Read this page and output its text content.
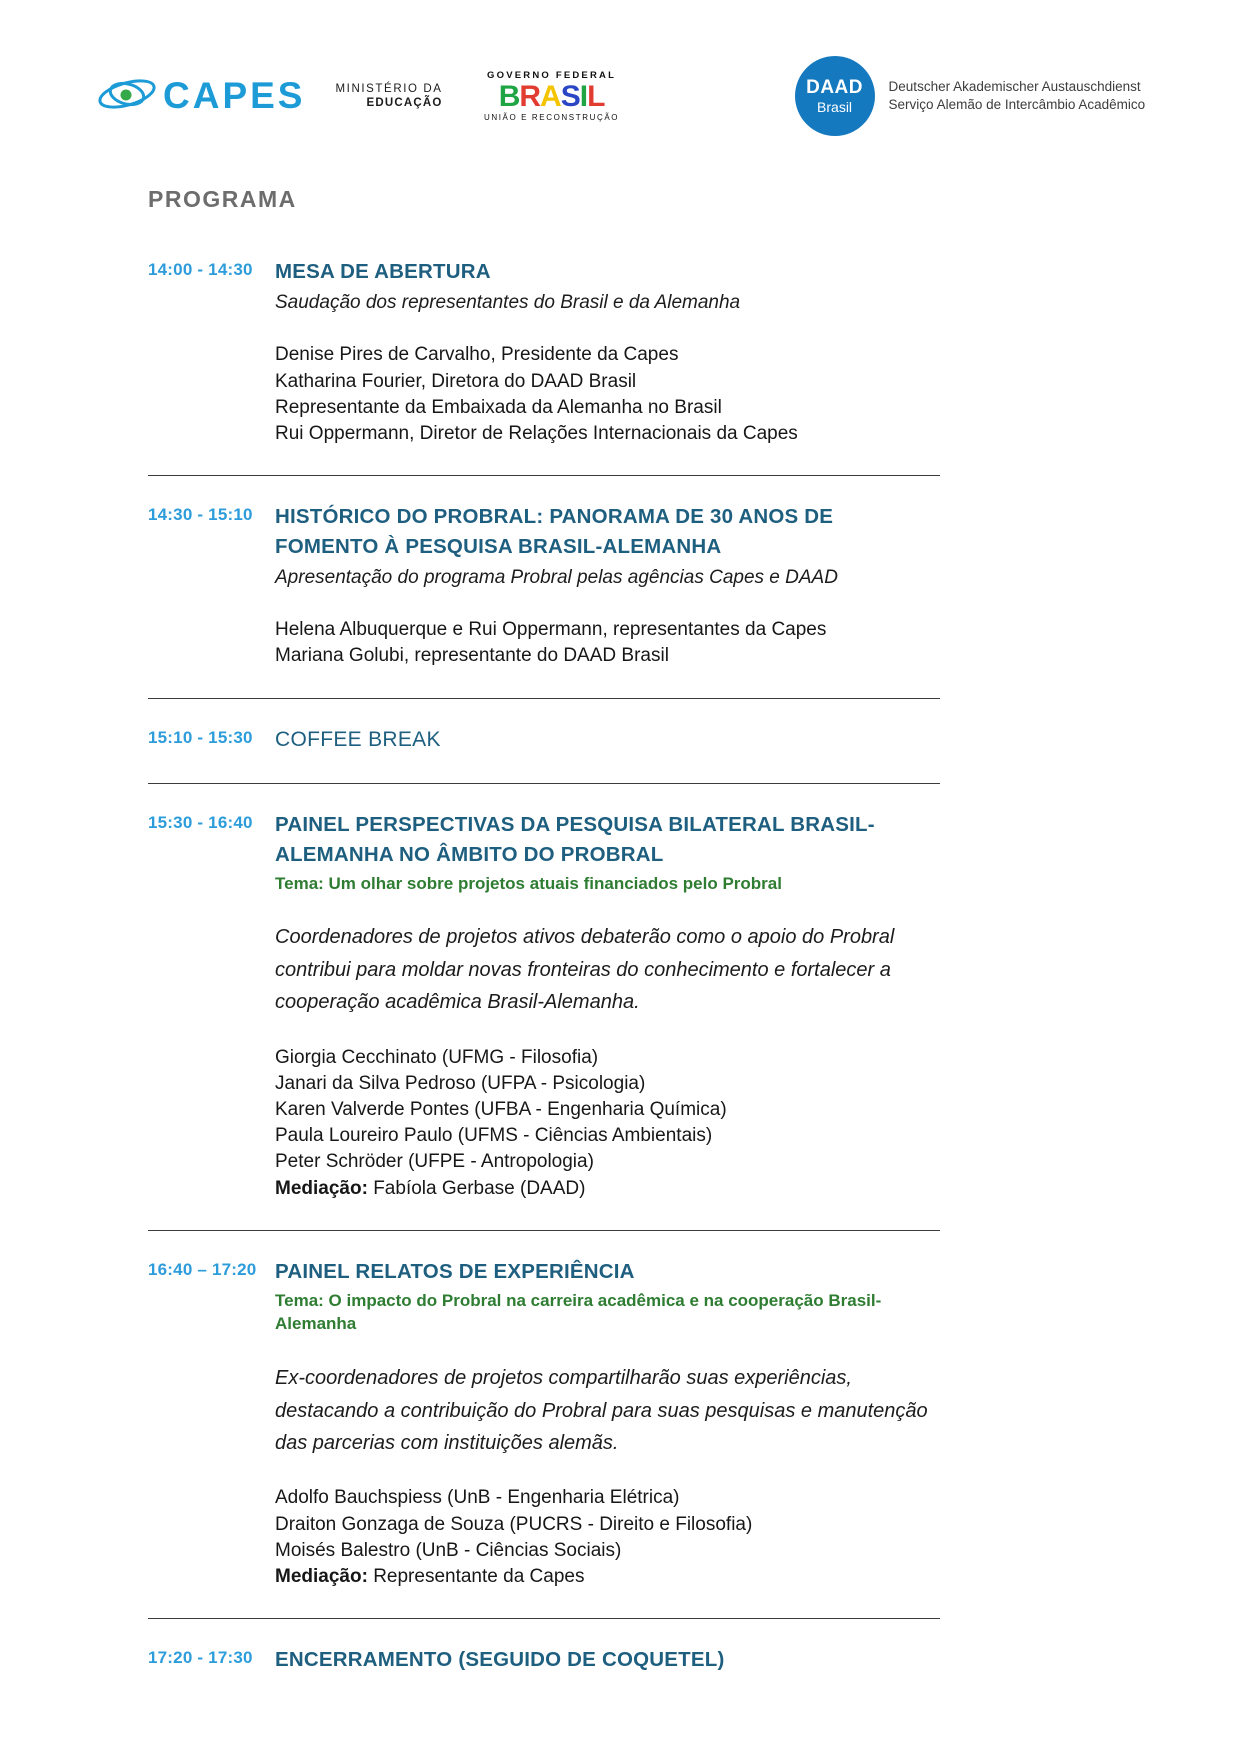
CAPES	MINISTÉRIO DA
EDUCAÇÃO
GOVERNO FEDERAL
BRASIL
UNIÃO E RECONSTRUÇÃO
DAAD
Brasil
Deutscher Akademischer Austauschdienst
Serviço Alemão de Intercâmbio Acadêmico
PROGRAMA
14:00 - 14:30	MESA DE ABERTURA
Saudação dos representantes do Brasil e da Alemanha
Denise Pires de Carvalho, Presidente da Capes
Katharina Fourier, Diretora do DAAD Brasil
Representante da Embaixada da Alemanha no Brasil
Rui Oppermann, Diretor de Relações Internacionais da Capes
14:30 - 15:10	HISTÓRICO DO PROBRAL: PANORAMA DE 30 ANOS DE FOMENTO À PESQUISA BRASIL-ALEMANHA
Apresentação do programa Probral pelas agências Capes e DAAD
Helena Albuquerque e Rui Oppermann, representantes da Capes
Mariana Golubi, representante do DAAD Brasil
15:10 - 15:30	COFFEE BREAK
15:30 - 16:40	PAINEL PERSPECTIVAS DA PESQUISA BILATERAL BRASIL-ALEMANHA NO ÂMBITO DO PROBRAL
Tema: Um olhar sobre projetos atuais financiados pelo Probral
Coordenadores de projetos ativos debaterão como o apoio do Probral contribui para moldar novas fronteiras do conhecimento e fortalecer a cooperação acadêmica Brasil-Alemanha.
Giorgia Cecchinato (UFMG - Filosofia)
Janari da Silva Pedroso (UFPA - Psicologia)
Karen Valverde Pontes (UFBA - Engenharia Química)
Paula Loureiro Paulo (UFMS - Ciências Ambientais)
Peter Schröder (UFPE - Antropologia)
Mediação: Fabíola Gerbase (DAAD)
16:40 – 17:20 PAINEL RELATOS DE EXPERIÊNCIA
Tema: O impacto do Probral na carreira acadêmica e na cooperação Brasil-Alemanha
Ex-coordenadores de projetos compartilharão suas experiências, destacando a contribuição do Probral para suas pesquisas e manutenção das parcerias com instituições alemãs.
Adolfo Bauchspiess (UnB - Engenharia Elétrica)
Draiton Gonzaga de Souza (PUCRS - Direito e Filosofia)
Moisés Balestro (UnB - Ciências Sociais)
Mediação: Representante da Capes
17:20 - 17:30	ENCERRAMENTO (SEGUIDO DE COQUETEL)
